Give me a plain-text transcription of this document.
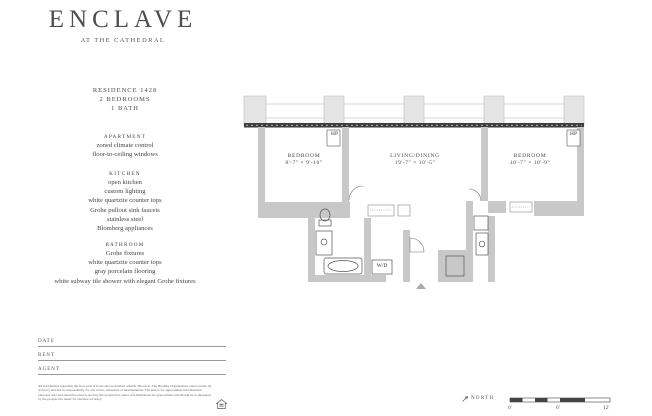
ENCLAVE
AT THE CATHEDRAL
RESIDENCE 1428
2 BEDROOMS
1 BATH
APARTMENT
zoned climate control
floor-to-ceiling windows
KITCHEN
open kitchen
custom lighting
white quartzite counter tops
Grohe pullout sink faucets
stainless steel
Blomberg appliances
BATHROOM
Grohe fixtures
white quartzite counter tops
gray porcelain flooring
white subway tile shower with elegant Grohe fixtures
DATE
RENT
AGENT
All information regarding the floor plan is from sources deemed reliable. However, The Brodsky Organization cannot assure its accuracy and has no responsibility for any errors, omissions or misstatements. The plan is for approximate informational purposes only and should be used as such by the prospective renter. All dimensions are approximate and should be re-measured by the prospective renter for absolute accuracy.
HP	HP
BEDROOM
8'-7" × 9'-10"
LIVING/DINING
19'-7" × 10'-5"
BEDROOM
10'-7" × 10'-9"
W/D
NORTH
0'	6'	12'
